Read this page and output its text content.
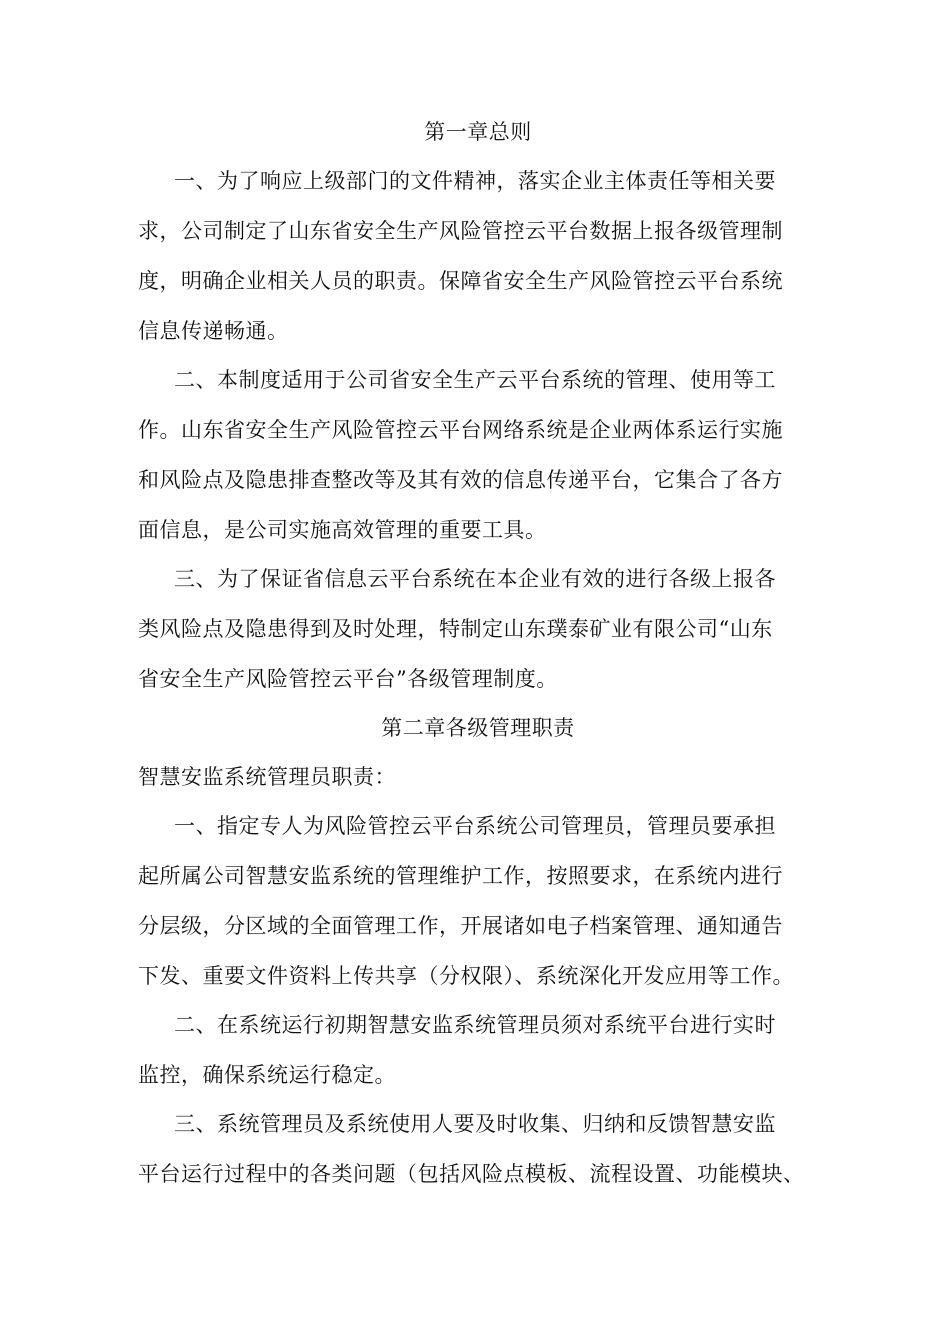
第一章总则
一、为了响应上级部门的文件精神，落实企业主体责任等相关要
求，公司制定了山东省安全生产风险管控云平台数据上报各级管理制
度，明确企业相关人员的职责。保障省安全生产风险管控云平台系统
信息传递畅通。
二、本制度适用于公司省安全生产云平台系统的管理、使用等工
作。山东省安全生产风险管控云平台网络系统是企业两体系运行实施
和风险点及隐患排查整改等及其有效的信息传递平台，它集合了各方
面信息，是公司实施高效管理的重要工具。
三、为了保证省信息云平台系统在本企业有效的进行各级上报各
类风险点及隐患得到及时处理，特制定山东璞泰矿业有限公司“山东
省安全生产风险管控云平台”各级管理制度。
第二章各级管理职责
智慧安监系统管理员职责：
一、指定专人为风险管控云平台系统公司管理员，管理员要承担
起所属公司智慧安监系统的管理维护工作，按照要求，在系统内进行
分层级，分区域的全面管理工作，开展诸如电子档案管理、通知通告
下发、重要文件资料上传共享（分权限）、系统深化开发应用等工作。
二、在系统运行初期智慧安监系统管理员须对系统平台进行实时
监控，确保系统运行稳定。
三、系统管理员及系统使用人要及时收集、归纳和反馈智慧安监
平台运行过程中的各类问题（包括风险点模板、流程设置、功能模块、
